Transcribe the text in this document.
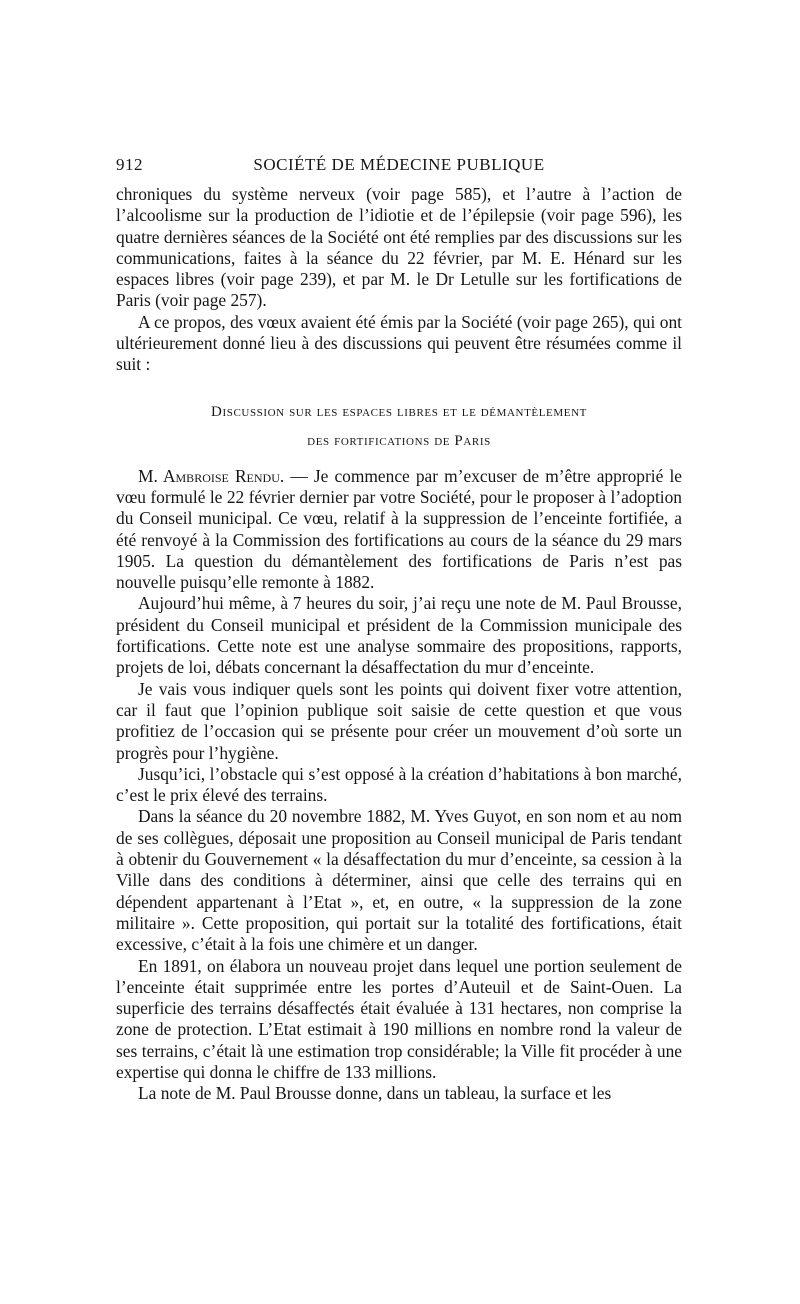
912	SOCIÉTÉ DE MÉDECINE PUBLIQUE

chroniques du système nerveux (voir page 585), et l’autre à l’action de l’alcoolisme sur la production de l’idiotie et de l’épilepsie (voir page 596), les quatre dernières séances de la Société ont été remplies par des discussions sur les communications, faites à la séance du 22 février, par M. E. Hénard sur les espaces libres (voir page 239), et par M. le Dr Letulle sur les fortifications de Paris (voir page 257).

A ce propos, des vœux avaient été émis par la Société (voir page 265), qui ont ultérieurement donné lieu à des discussions qui peuvent être résumées comme il suit :

Discussion sur les espaces libres et le démantèlement
des fortifications de Paris

M. Ambroise Rendu. — Je commence par m’excuser de m’être approprié le vœu formulé le 22 février dernier par votre Société, pour le proposer à l’adoption du Conseil municipal. Ce vœu, relatif à la suppression de l’enceinte fortifiée, a été renvoyé à la Commission des fortifications au cours de la séance du 29 mars 1905. La question du démantèlement des fortifications de Paris n’est pas nouvelle puisqu’elle remonte à 1882.

Aujourd’hui même, à 7 heures du soir, j’ai reçu une note de M. Paul Brousse, président du Conseil municipal et président de la Commission municipale des fortifications. Cette note est une analyse sommaire des propositions, rapports, projets de loi, débats concernant la désaffectation du mur d’enceinte.

Je vais vous indiquer quels sont les points qui doivent fixer votre attention, car il faut que l’opinion publique soit saisie de cette question et que vous profitiez de l’occasion qui se présente pour créer un mouvement d’où sorte un progrès pour l’hygiène.

Jusqu’ici, l’obstacle qui s’est opposé à la création d’habitations à bon marché, c’est le prix élevé des terrains.

Dans la séance du 20 novembre 1882, M. Yves Guyot, en son nom et au nom de ses collègues, déposait une proposition au Conseil municipal de Paris tendant à obtenir du Gouvernement « la désaffectation du mur d’enceinte, sa cession à la Ville dans des conditions à déterminer, ainsi que celle des terrains qui en dépendent appartenant à l’Etat », et, en outre, « la suppression de la zone militaire ». Cette proposition, qui portait sur la totalité des fortifications, était excessive, c’était à la fois une chimère et un danger.

En 1891, on élabora un nouveau projet dans lequel une portion seulement de l’enceinte était supprimée entre les portes d’Auteuil et de Saint-Ouen. La superficie des terrains désaffectés était évaluée à 131 hectares, non comprise la zone de protection. L’Etat estimait à 190 millions en nombre rond la valeur de ses terrains, c’était là une estimation trop considérable; la Ville fit procéder à une expertise qui donna le chiffre de 133 millions.

La note de M. Paul Brousse donne, dans un tableau, la surface et les
